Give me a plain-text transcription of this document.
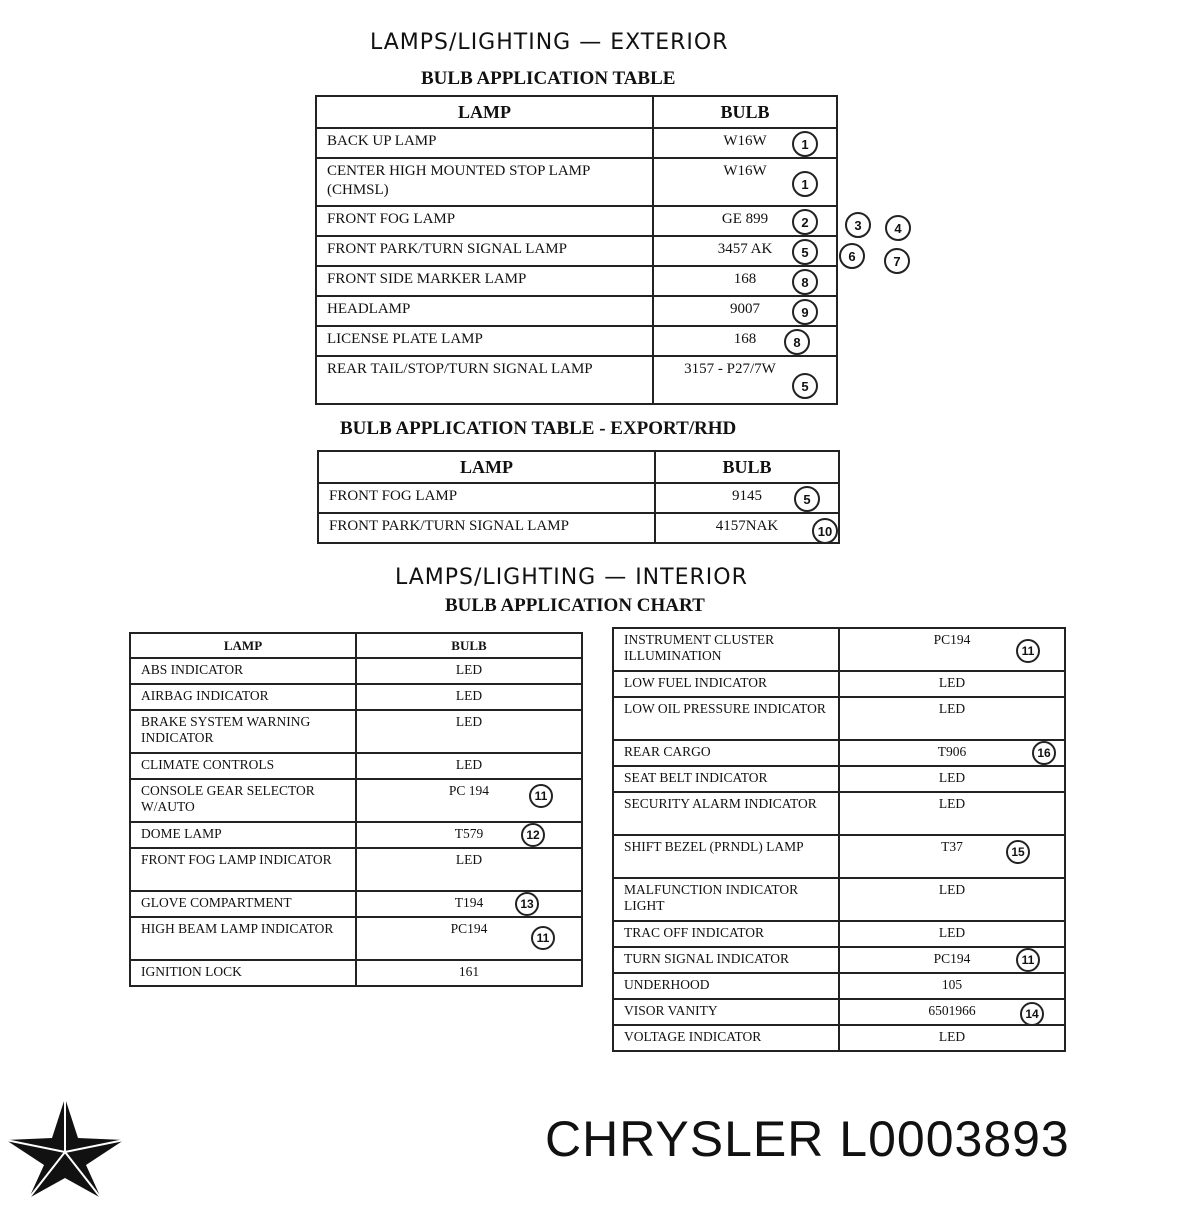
LAMPS/LIGHTING — EXTERIOR
BULB APPLICATION TABLE
LAMP	BULB

BACK UP LAMP	W16W 1

CENTER HIGH MOUNTED STOP LAMP (CHMSL)	W16W
1

FRONT FOG LAMP	GE 899 2

FRONT PARK/TURN SIGNAL LAMP	3457 AK 5

FRONT SIDE MARKER LAMP	168 8

HEADLAMP	9007 9

LICENSE PLATE LAMP	168 8

REAR TAIL/STOP/TURN SIGNAL LAMP	3157 - P27/7W
5
3	4
6	7
BULB APPLICATION TABLE - EXPORT/RHD
LAMP	BULB

FRONT FOG LAMP	9145 5

FRONT PARK/TURN SIGNAL LAMP	4157NAK 10
LAMPS/LIGHTING — INTERIOR
BULB APPLICATION CHART
LAMP	BULB

ABS INDICATOR	LED

AIRBAG INDICATOR	LED

BRAKE SYSTEM WARNING INDICATOR	LED

CLIMATE CONTROLS	LED

CONSOLE GEAR SELECTOR W/AUTO	PC 194 11

DOME LAMP	T579 12

FRONT FOG LAMP INDICATOR	LED

GLOVE COMPARTMENT	T194 13

HIGH BEAM LAMP INDICATOR	PC194
11

IGNITION LOCK	161
INSTRUMENT CLUSTER ILLUMINATION	PC194
11

LOW FUEL INDICATOR	LED

LOW OIL PRESSURE INDICATOR	LED

REAR CARGO	T906 16

SEAT BELT INDICATOR	LED

SECURITY ALARM INDICATOR	LED

SHIFT BEZEL (PRNDL) LAMP	T37 15

MALFUNCTION INDICATOR LIGHT	LED

TRAC OFF INDICATOR	LED

TURN SIGNAL INDICATOR	PC194 11

UNDERHOOD	105

VISOR VANITY	6501966 14

VOLTAGE INDICATOR	LED
CHRYSLER L0003893
